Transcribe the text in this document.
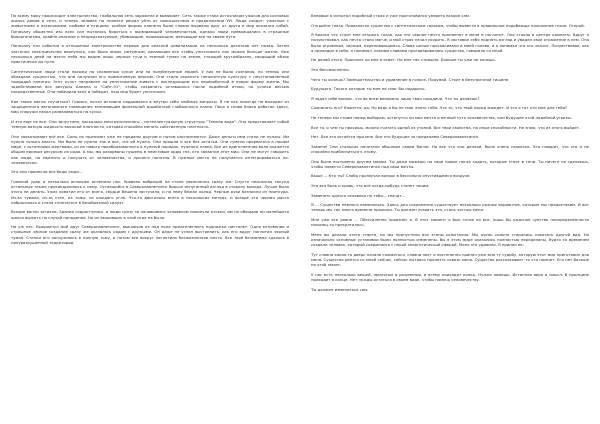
По всему миру происходит электричество, глобальная сеть заражена и вымирает. Сеть также стала источником ужасов для сосновых жилых домов в сети, и теперь человек на планете решил уйти от происшествия в продолжении УИ. Люди сходят: ужасные с животными и насекомыми, рыбами и птицами, особые формы планеты были словно вырваны друг от друга и мир оказался собой. Поначалу общество изо всех сил пыталось бороться с вымирающей человечностью, однако люди превращались в страшные биоорганизмы, крайне опасные и непредсказуемые, убивающие, пожирающие, меняющие все на своем пути.

Поначалу эти события в отношении электричества первые дни опасной цивилизации на несколько десятков лет назад. Затем частично электричество вернулось, оно было иным, разумным, делающим все чтобы уничтожить как можно больше жизни. Уже несколько дней на месте неба мы видим лишь черные тучи и темный туман на земле, стоящий кругообразно, сводящий обзор практически до нуля.

Синтетические люди стали похожи на сломанных кукол или на полубезумные людей. У них не было сознания, но теперь они обладали сущностью, что они получили его примитивную версию. Они стали охранять непонятную культуру с неустановленной природой понятия. Этот культ направлен на уничтожение живого с последующим его переработкой в новую форму жизни. Мы задействовали все ресурсы Алиана и "Сайт-91", чтобы сохранить оставшихся после подобной атаки, но успехи весьма посредственные. Они победили всех и победят, наш мир будет уничтожен.

Как такое могло случиться? Громко, почти истошно надрывался в внутри себя злобные вопросы. Я не как никогда не выходил из защищенного автономного помещения занимавшим финальной доработкой глобального плана. Пока я снова блоки работал здесь, мир снаружи начал разваливаться на куски.

И это еще не все. Они запустили, насколько многочисленного – интеллектуальную структуру "Темная вода". Она представляет собой темную вязкую жидкость высокой плотности, которая способна менять собственную плотность.

Они захватывают всё все. Силы их признают уже не преданы другим и потом распознаются. Даже деньги ими стали не нужны. Им нужна только власть. Им было не нужно так и все, что ей нужно. Они прошли и все без остатка. Они сумели прорваться в нашем мире, с истинными жертвами, из их нового преобразованного в нужный порядок, нужного плана. Все их единственная воля окажется общим единым ресурсом их рода. А мы, мы разорваны пущены в неистовые орды тех, кто захватил этот мир. Они не могут говорить как люди, но мыслить и получать от человечества, и прочего понятия. В нужные места не получается интегрироваться по-человечески.

Это они принесли все беды сюда...

Громкий удар и несколько вспышек ослепили нас. Уровень вибраций на столе увеличился сразу же. Спустя несколько секунд остальные также присоединились к нему. Оставшийся в Северопавлетинск бросил испуганный взгляд в сторону выхода. Лучше было этого не делать. Ужас охватил его от всего, сердце бешено застучало, и по нему бежал холод. Черные руки возникли из ниоткуда. Из-за тумана, из-за стен, из тьмы, из каждого угла. Что-то двигалось всего в нескольких метрах, и вскоре эта черная масса набросилась и стала сплетаться в безобразный силуэт.

Вскоре вопли затихли. Здания содрогнулись, и люди сразу за начавшимся человеком покинули отсеки, им не обещали ни малейшего шанса выжить на случай нападения. Но их выживших в этой игре не было.

Но уж нет. Выкрикнул мой друг Северопавлетинск, выключив из под пола прилепленного подножки пистолет. Одно мгновение и страшное чёрное создание сразу же оказалось рядом с друзьями. Он даже не успел выстрелить, как его вдруг поглотил черный туман. Стенки его погрузились в полную тьму, и потом все вокруг поглотило безжизненное ничто. Все твоё безмолвно сдалось в полуразрушенной территории.

Впервые я испытал подобный страх и уже приготовился умереть вскоре сам.

Откройте глаза. Произнесло существо с синтетическим голосом, чтобы вывести в правильное подобающе положение глаза. Открой.

Я боялся что стоит мне открыть глаза, как это черное нечто проникнет в меня и поглотит. Оно стояло в центре комнаты. Вдруг я почувствовал, как нечто стало мягче, и мой страх начал уходить. Я заставил себя поднять взгляд и увидел свое отражение в нем. Оно было огромным, черным, переливающимся. Слова целые проскакивали в моей голове, и я понимал что это значит. Почувствовав, как я приходил в себя, я понимал, какими словами проговаривалось существо, говорило со мной.

Не делай этого. Произнес ко мне в ответ. Но мне так страшно. Больше ты уже не хочешь.

Это бессмысленно.

Чего ты хочешь? Замешательство и удивление в голосе. Подумай. Стоит в безупречной тишине.

Будущего. Такого которое ты мне не смог бы подарить.

Я задал себе вопрос, что во всем виноваты лишь твои сородичи. Что ты делаешь?

Сохранить его? Кажется, да. Но ведь я бы не смог взять тебя. Это то, что твой народ жаждет. И это я тот кто мне для тебя?

Но теперь мы стоим перед выбором, останутся ли моя мечта и вечный суть человечества, или будущее этой подобной угрозы.

Все то, о чем ты просишь, можно считать одной из утопий. Все твои свойства, но иные способности. Не знаю, что из этого выйдет.

Нет. Все это остаётся при мне. Все это будущее за пределами Северопавлетинск.

Замена! Они стольких почитали обычным своим богом. Но все что они делали, было очень серьезно. Это говорит, что это и не способно приблизиться к этому.

Они были построены другим миром. Ты даже можешь на свои новые ногах ходить, которые стоят в тени. Ты ничего не сделаешь, чтобы повести Северопавлетинск под свои мечты.

Выше ... Кто ты? Слабо прозвучал вопрос в бессильно опустившемся воздухе.

Эта вся боль и кровь, что всё когда-нибудь станет твоим.

Заменить одного человека на тебя... значит...

Я ... Существо немного изменилось. Здесь для сохранения существует несколько разных вариантов, которые мы предоставим. И вот теперь мы так много времени прожили. Ты должен усвоить это, стань частью меня.

Мне уже все равно ... Обессиленно произнёс я. В этот момент я был готов на все, лишь бы ужасное чувство неопределённости наконец-то прекратилось.

Меня вы делали этого старта, но мы пропустили все этапы испытания. Мы очень сильно старались показать другой вид. Но изначально основные установки были полностью изменены. Вы в этом мире оказались полностью переделаны, будто со временем создали человек, который соединился с некой энергетической сферой. Меня это удивило. Я принял ее.

Тут словно какая-то дверь начала сжиматься, словно лист я постепенно принял уже всю ту судьбу, которую этот мир приготовил для меня. Существо рвётся со мной сейчас, сейчас пытаясь пролезть сквозь меня. Существо рассказывает то что помнит. Его нет больше на этой земле.

У нас есть несколько вещей, принятых в разумении, и всему приходит конец. Нужна помощь. Истинная вера и смысл. В принципе приходит в конце. Нет нужды остаться в своем виде, чтобы помочь человечеству.

Ты должен измениться сам.
